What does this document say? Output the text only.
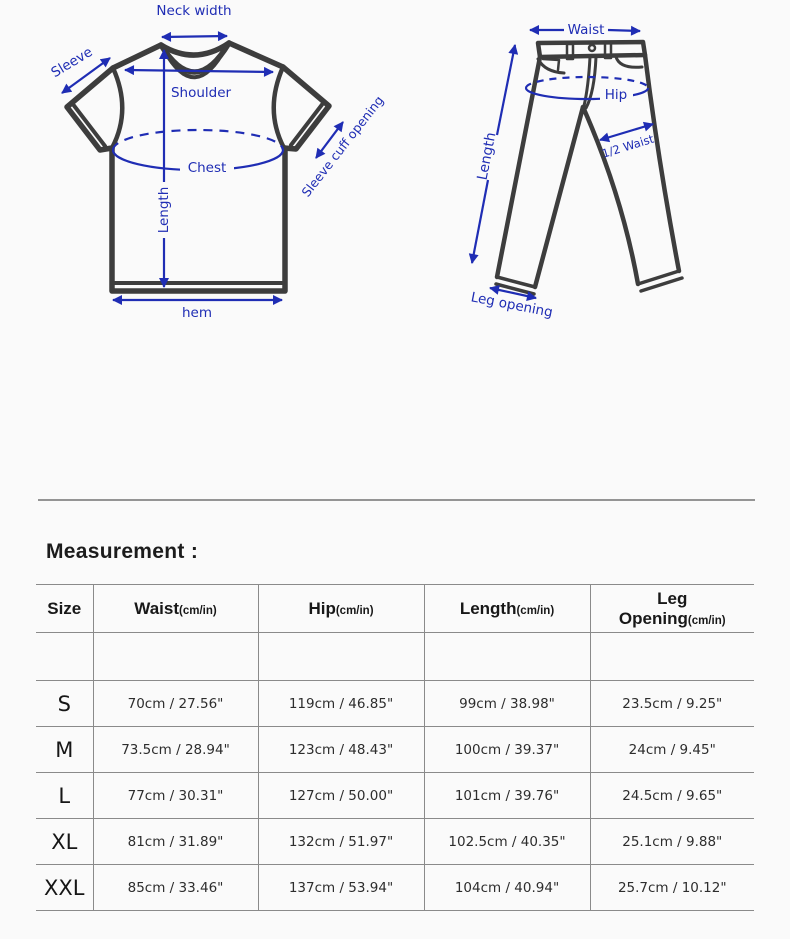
Neck width
Sleeve
Shoulder
Chest
Length
Sleeve cuff opening
hem
Waist
Hip
1/2 Waist
Length
Leg opening
Measurement :
Size	Waist(cm/in)	Hip(cm/in)	Length(cm/in)	Leg
Opening(cm/in)

S	70cm / 27.56"	119cm / 46.85"	99cm / 38.98"	23.5cm / 9.25"
M	73.5cm / 28.94"	123cm / 48.43"	100cm / 39.37"	24cm / 9.45"
L	77cm / 30.31"	127cm / 50.00"	101cm / 39.76"	24.5cm / 9.65"
XL	81cm / 31.89"	132cm / 51.97"	102.5cm / 40.35"	25.1cm / 9.88"
XXL	85cm / 33.46"	137cm / 53.94"	104cm / 40.94"	25.7cm / 10.12"
